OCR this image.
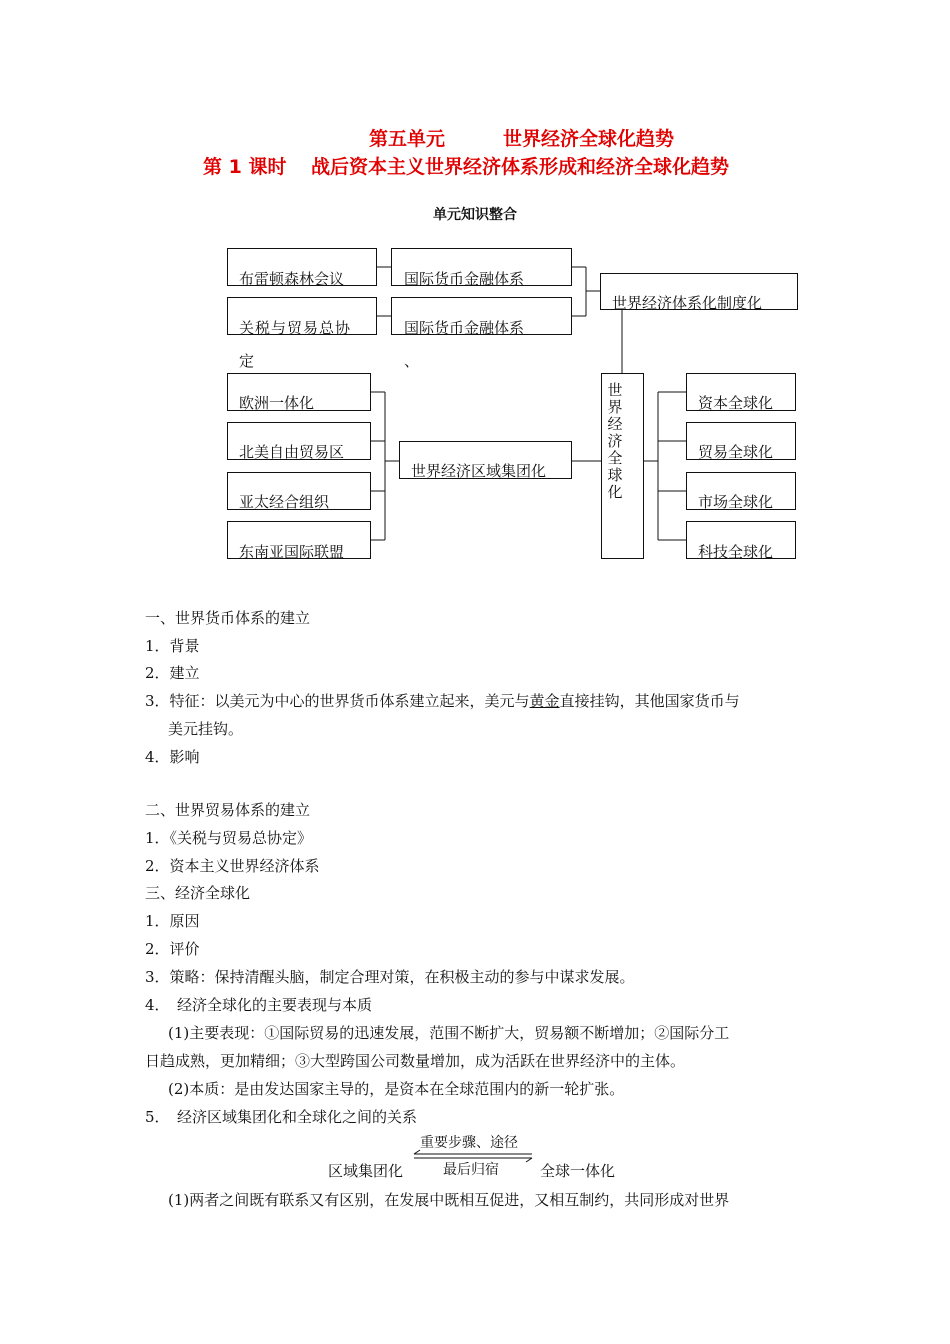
第五单元	世界经济全球化趋势
第 1 课时 战后资本主义世界经济体系形成和经济全球化趋势
单元知识整合
布雷顿森林会议
关税与贸易总协
定
国际货币金融体系
国际货币金融体系
、
世界经济体系化制度化
欧洲一体化
北美自由贸易区
亚太经合组织
东南亚国际联盟
世界经济区域集团化
世界经济全球化
资本全球化
贸易全球化
市场全球化
科技全球化
一、世界货币体系的建立
1．背景
2．建立
3．特征：以美元为中心的世界货币体系建立起来，美元与黄金直接挂钩，其他国家货币与
美元挂钩。
4．影响
二、世界贸易体系的建立
1．《关税与贸易总协定》
2．资本主义世界经济体系
三、经济全球化
1．原因
2．评价
3．策略：保持清醒头脑，制定合理对策，在积极主动的参与中谋求发展。
4．　经济全球化的主要表现与本质
(1)主要表现：①国际贸易的迅速发展，范围不断扩大，贸易额不断增加；②国际分工
日趋成熟，更加精细；③大型跨国公司数量增加，成为活跃在世界经济中的主体。
(2)本质：是由发达国家主导的，是资本在全球范围内的新一轮扩张。
5．　经济区域集团化和全球化之间的关系
重要步骤、途径
区域集团化	最后归宿	全球一体化
(1)两者之间既有联系又有区别，在发展中既相互促进，又相互制约，共同形成对世界
